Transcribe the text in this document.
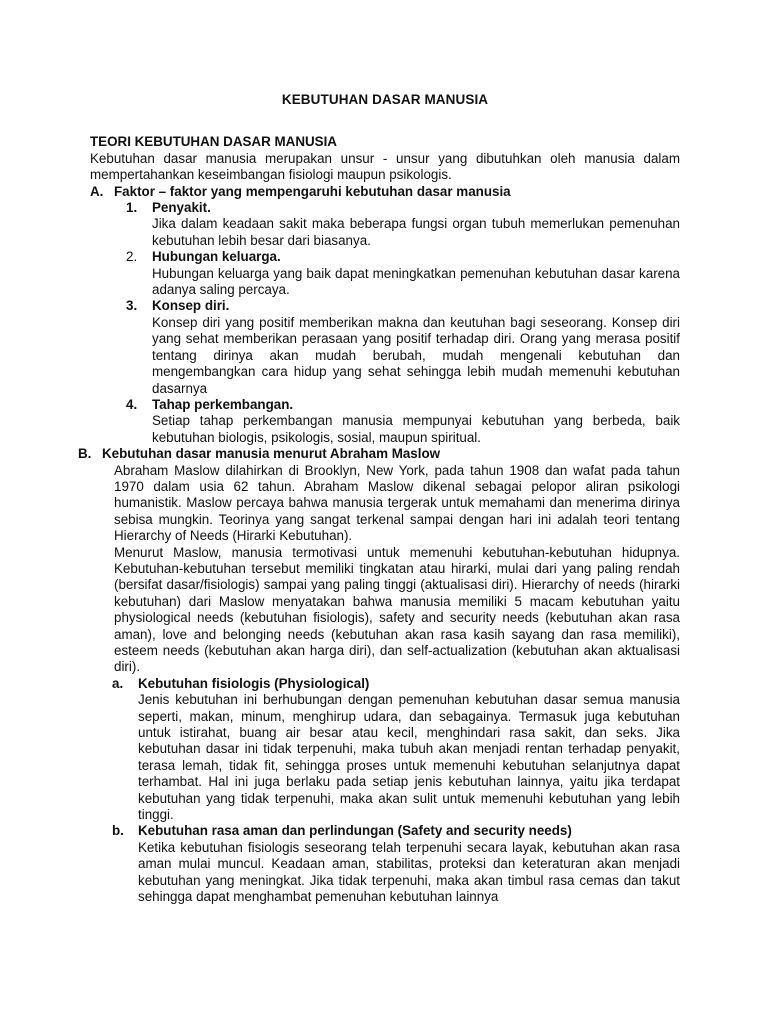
KEBUTUHAN DASAR MANUSIA
TEORI KEBUTUHAN DASAR MANUSIA

Kebutuhan dasar manusia merupakan unsur - unsur yang dibutuhkan oleh manusia dalam mempertahankan keseimbangan fisiologi maupun psikologis.

A. Faktor – faktor yang mempengaruhi kebutuhan dasar manusia
1. Penyakit.

Jika dalam keadaan sakit maka beberapa fungsi organ tubuh memerlukan pemenuhan kebutuhan lebih besar dari biasanya.

2. Hubungan keluarga.

Hubungan keluarga yang baik dapat meningkatkan pemenuhan kebutuhan dasar karena adanya saling percaya.

3. Konsep diri.

Konsep diri yang positif memberikan makna dan keutuhan bagi seseorang. Konsep diri yang sehat memberikan perasaan yang positif terhadap diri. Orang yang merasa positif tentang dirinya akan mudah berubah, mudah mengenali kebutuhan dan mengembangkan cara hidup yang sehat sehingga lebih mudah memenuhi kebutuhan dasarnya

4. Tahap perkembangan.

Setiap tahap perkembangan manusia mempunyai kebutuhan yang berbeda, baik kebutuhan biologis, psikologis, sosial, maupun spiritual.

B. Kebutuhan dasar manusia menurut Abraham Maslow

Abraham Maslow dilahirkan di Brooklyn, New York, pada tahun 1908 dan wafat pada tahun 1970 dalam usia 62 tahun. Abraham Maslow dikenal sebagai pelopor aliran psikologi humanistik. Maslow percaya bahwa manusia tergerak untuk memahami dan menerima dirinya sebisa mungkin. Teorinya yang sangat terkenal sampai dengan hari ini adalah teori tentang Hierarchy of Needs (Hirarki Kebutuhan).

Menurut Maslow, manusia termotivasi untuk memenuhi kebutuhan-kebutuhan hidupnya. Kebutuhan-kebutuhan tersebut memiliki tingkatan atau hirarki, mulai dari yang paling rendah (bersifat dasar/fisiologis) sampai yang paling tinggi (aktualisasi diri). Hierarchy of needs (hirarki kebutuhan) dari Maslow menyatakan bahwa manusia memiliki 5 macam kebutuhan yaitu physiological needs (kebutuhan fisiologis), safety and security needs (kebutuhan akan rasa aman), love and belonging needs (kebutuhan akan rasa kasih sayang dan rasa memiliki), esteem needs (kebutuhan akan harga diri), dan self-actualization (kebutuhan akan aktualisasi diri).

a. Kebutuhan fisiologis (Physiological)

Jenis kebutuhan ini berhubungan dengan pemenuhan kebutuhan dasar semua manusia seperti, makan, minum, menghirup udara, dan sebagainya. Termasuk juga kebutuhan untuk istirahat, buang air besar atau kecil, menghindari rasa sakit, dan seks. Jika kebutuhan dasar ini tidak terpenuhi, maka tubuh akan menjadi rentan terhadap penyakit, terasa lemah, tidak fit, sehingga proses untuk memenuhi kebutuhan selanjutnya dapat terhambat. Hal ini juga berlaku pada setiap jenis kebutuhan lainnya, yaitu jika terdapat kebutuhan yang tidak terpenuhi, maka akan sulit untuk memenuhi kebutuhan yang lebih tinggi.

b. Kebutuhan rasa aman dan perlindungan (Safety and security needs)

Ketika kebutuhan fisiologis seseorang telah terpenuhi secara layak, kebutuhan akan rasa aman mulai muncul. Keadaan aman, stabilitas, proteksi dan keteraturan akan menjadi kebutuhan yang meningkat. Jika tidak terpenuhi, maka akan timbul rasa cemas dan takut sehingga dapat menghambat pemenuhan kebutuhan lainnya
